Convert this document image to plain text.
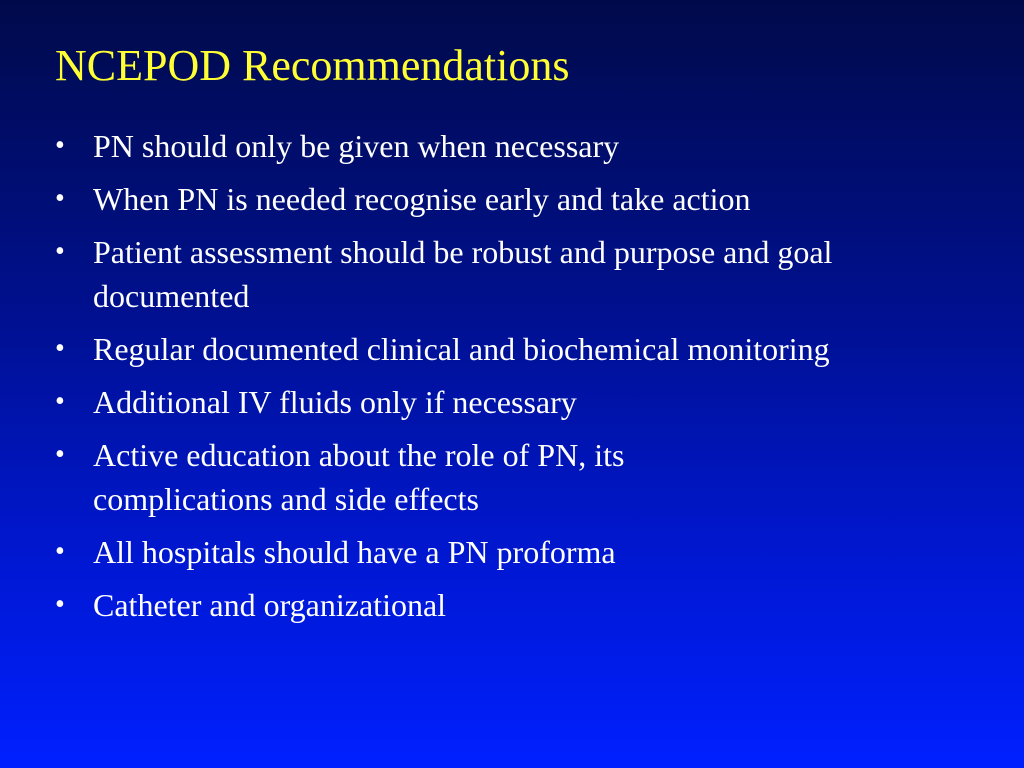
NCEPOD Recommendations
• PN should only be given when necessary
• When PN is needed recognise early and take action
• Patient assessment should be robust and purpose and goal documented
• Regular documented clinical and biochemical monitoring
• Additional IV fluids only if necessary
• Active education about the role of PN, its complications and side effects
• All hospitals should have a PN proforma
• Catheter and organizational
